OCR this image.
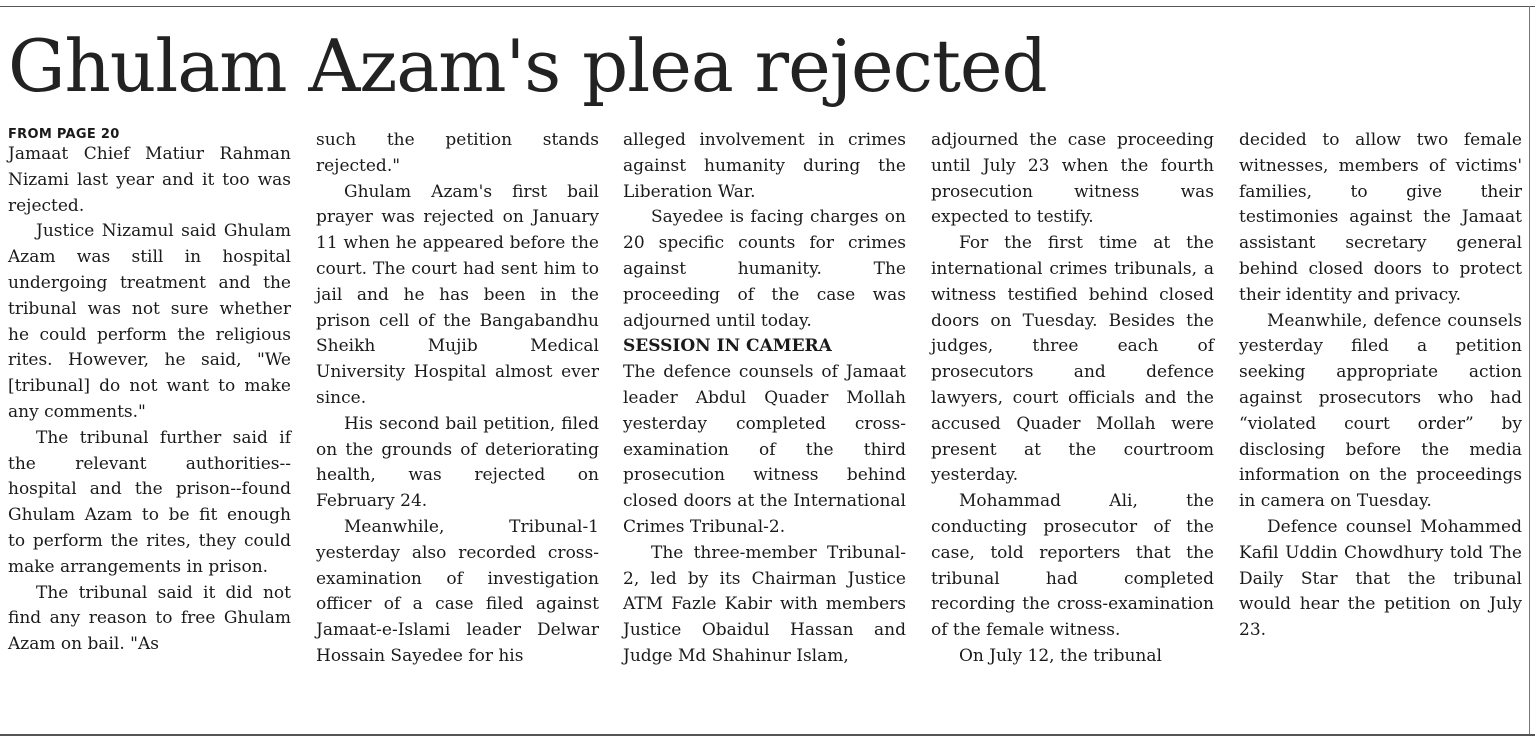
Ghulam Azam's plea rejected

FROM PAGE 20

Jamaat Chief Matiur Rahman Nizami last year and it too was rejected.

Justice Nizamul said Ghulam Azam was still in hospital undergoing treatment and the tribunal was not sure whether he could perform the religious rites. However, he said, "We [tribunal] do not want to make any comments."

The tribunal further said if the relevant authorities--hospital and the prison--found Ghulam Azam to be fit enough to perform the rites, they could make arrangements in prison.

The tribunal said it did not find any reason to free Ghulam Azam on bail. "As

such the petition stands rejected."

Ghulam Azam's first bail prayer was rejected on January 11 when he appeared before the court. The court had sent him to jail and he has been in the prison cell of the Bangabandhu Sheikh Mujib Medical University Hospital almost ever since.

His second bail petition, filed on the grounds of deteriorating health, was rejected on February 24.

Meanwhile, Tribunal-1 yesterday also recorded cross-examination of investigation officer of a case filed against Jamaat-e-Islami leader Delwar Hossain Sayedee for his

alleged involvement in crimes against humanity during the Liberation War.

Sayedee is facing charges on 20 specific counts for crimes against humanity. The proceeding of the case was adjourned until today.

SESSION IN CAMERA

The defence counsels of Jamaat leader Abdul Quader Mollah yesterday completed cross-examination of the third prosecution witness behind closed doors at the International Crimes Tribunal-2.

The three-member Tribunal-2, led by its Chairman Justice ATM Fazle Kabir with members Justice Obaidul Hassan and Judge Md Shahinur Islam,

adjourned the case proceeding until July 23 when the fourth prosecution witness was expected to testify.

For the first time at the international crimes tribunals, a witness testified behind closed doors on Tuesday. Besides the judges, three each of prosecutors and defence lawyers, court officials and the accused Quader Mollah were present at the courtroom yesterday.

Mohammad Ali, the conducting prosecutor of the case, told reporters that the tribunal had completed recording the cross-examination of the female witness.

On July 12, the tribunal

decided to allow two female witnesses, members of victims' families, to give their testimonies against the Jamaat assistant secretary general behind closed doors to protect their identity and privacy.

Meanwhile, defence counsels yesterday filed a petition seeking appropriate action against prosecutors who had “violated court order” by disclosing before the media information on the proceedings in camera on Tuesday.

Defence counsel Mohammed Kafil Uddin Chowdhury told The Daily Star that the tribunal would hear the petition on July 23.
